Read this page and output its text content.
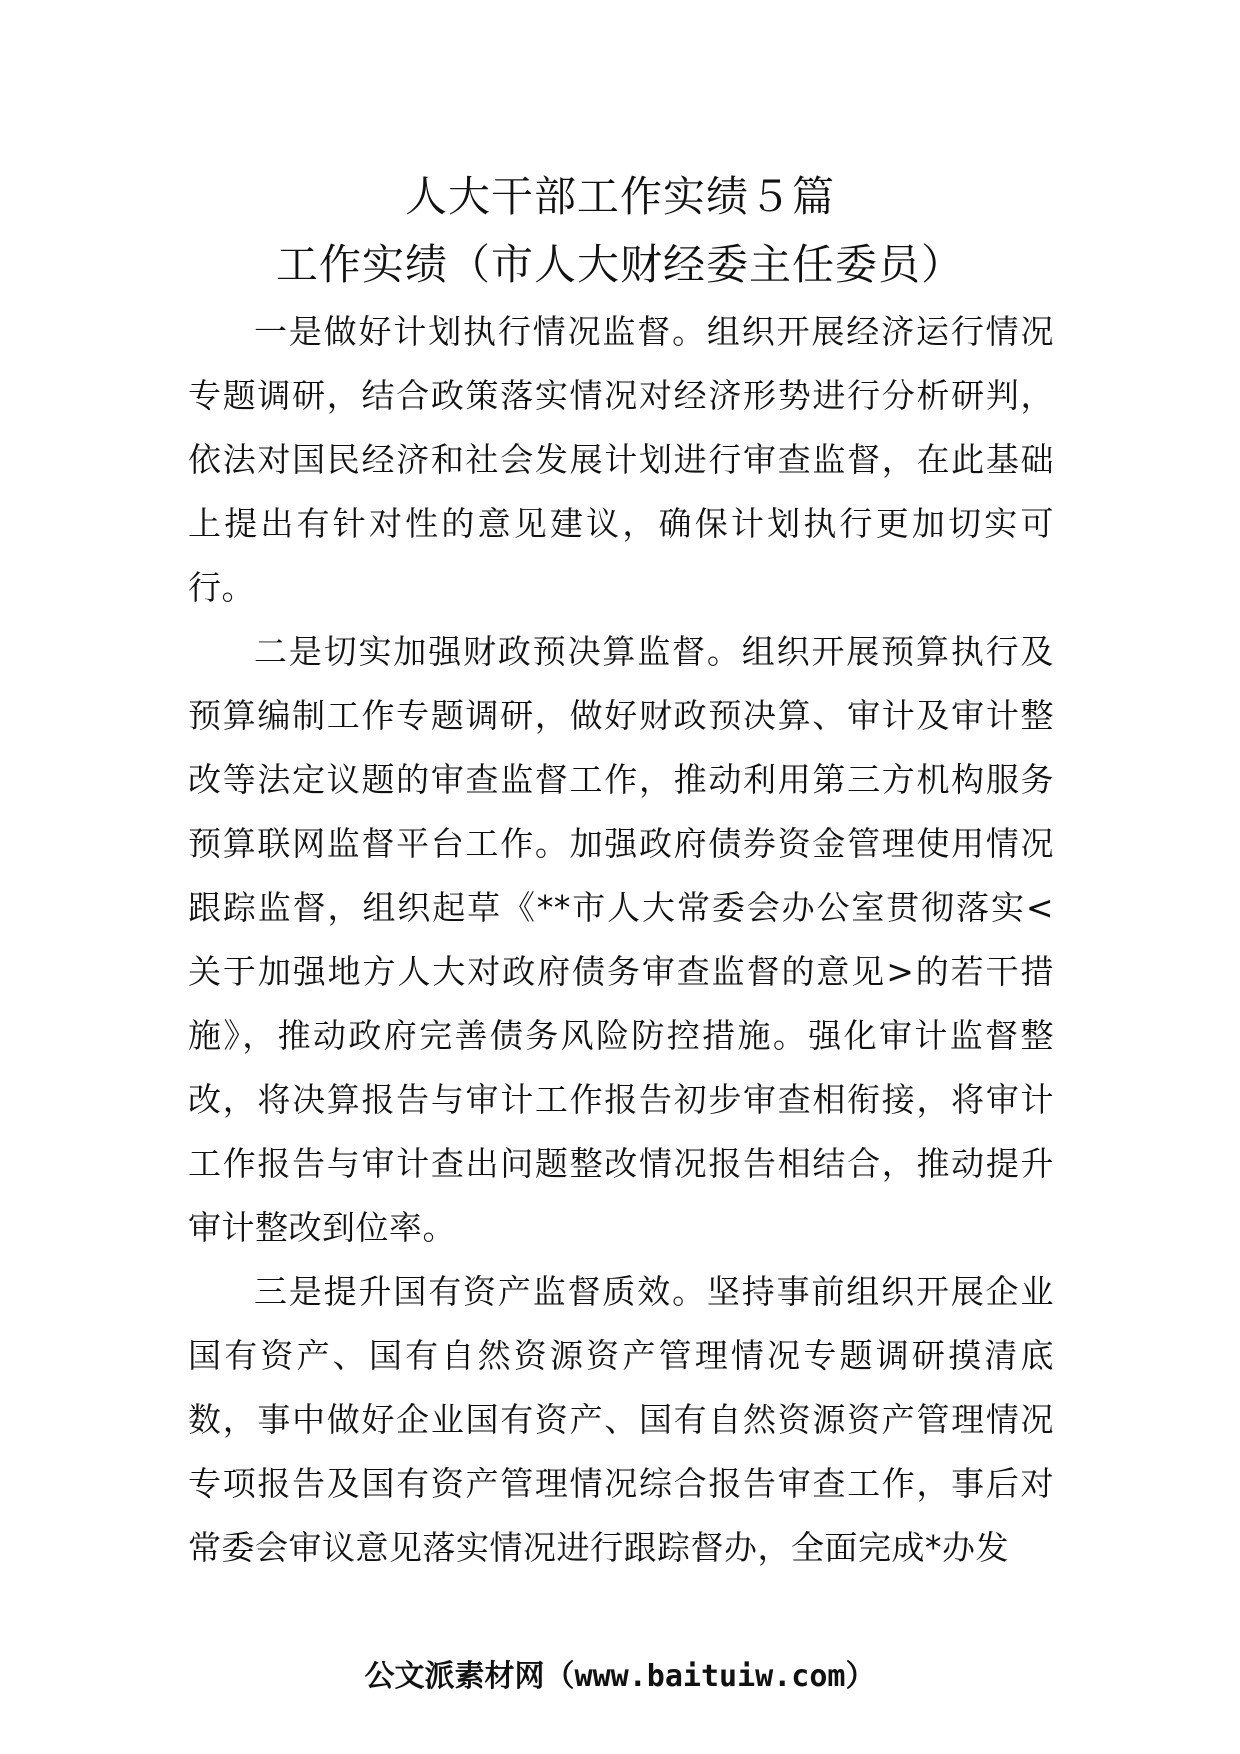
人大干部工作实绩５篇
工作实绩（市人大财经委主任委员）

一是做好计划执行情况监督。组织开展经济运行情况专题调研，结合政策落实情况对经济形势进行分析研判，依法对国民经济和社会发展计划进行审查监督，在此基础上提出有针对性的意见建议，确保计划执行更加切实可行。

二是切实加强财政预决算监督。组织开展预算执行及预算编制工作专题调研，做好财政预决算、审计及审计整改等法定议题的审查监督工作，推动利用第三方机构服务预算联网监督平台工作。加强政府债券资金管理使用情况跟踪监督，组织起草《**市人大常委会办公室贯彻落实<关于加强地方人大对政府债务审查监督的意见>的若干措施》，推动政府完善债务风险防控措施。强化审计监督整改，将决算报告与审计工作报告初步审查相衔接，将审计工作报告与审计查出问题整改情况报告相结合，推动提升审计整改到位率。

三是提升国有资产监督质效。坚持事前组织开展企业国有资产、国有自然资源资产管理情况专题调研摸清底数，事中做好企业国有资产、国有自然资源资产管理情况专项报告及国有资产管理情况综合报告审查工作，事后对常委会审议意见落实情况进行跟踪督办，全面完成*办发

公文派素材网（www.baituiw.com）
